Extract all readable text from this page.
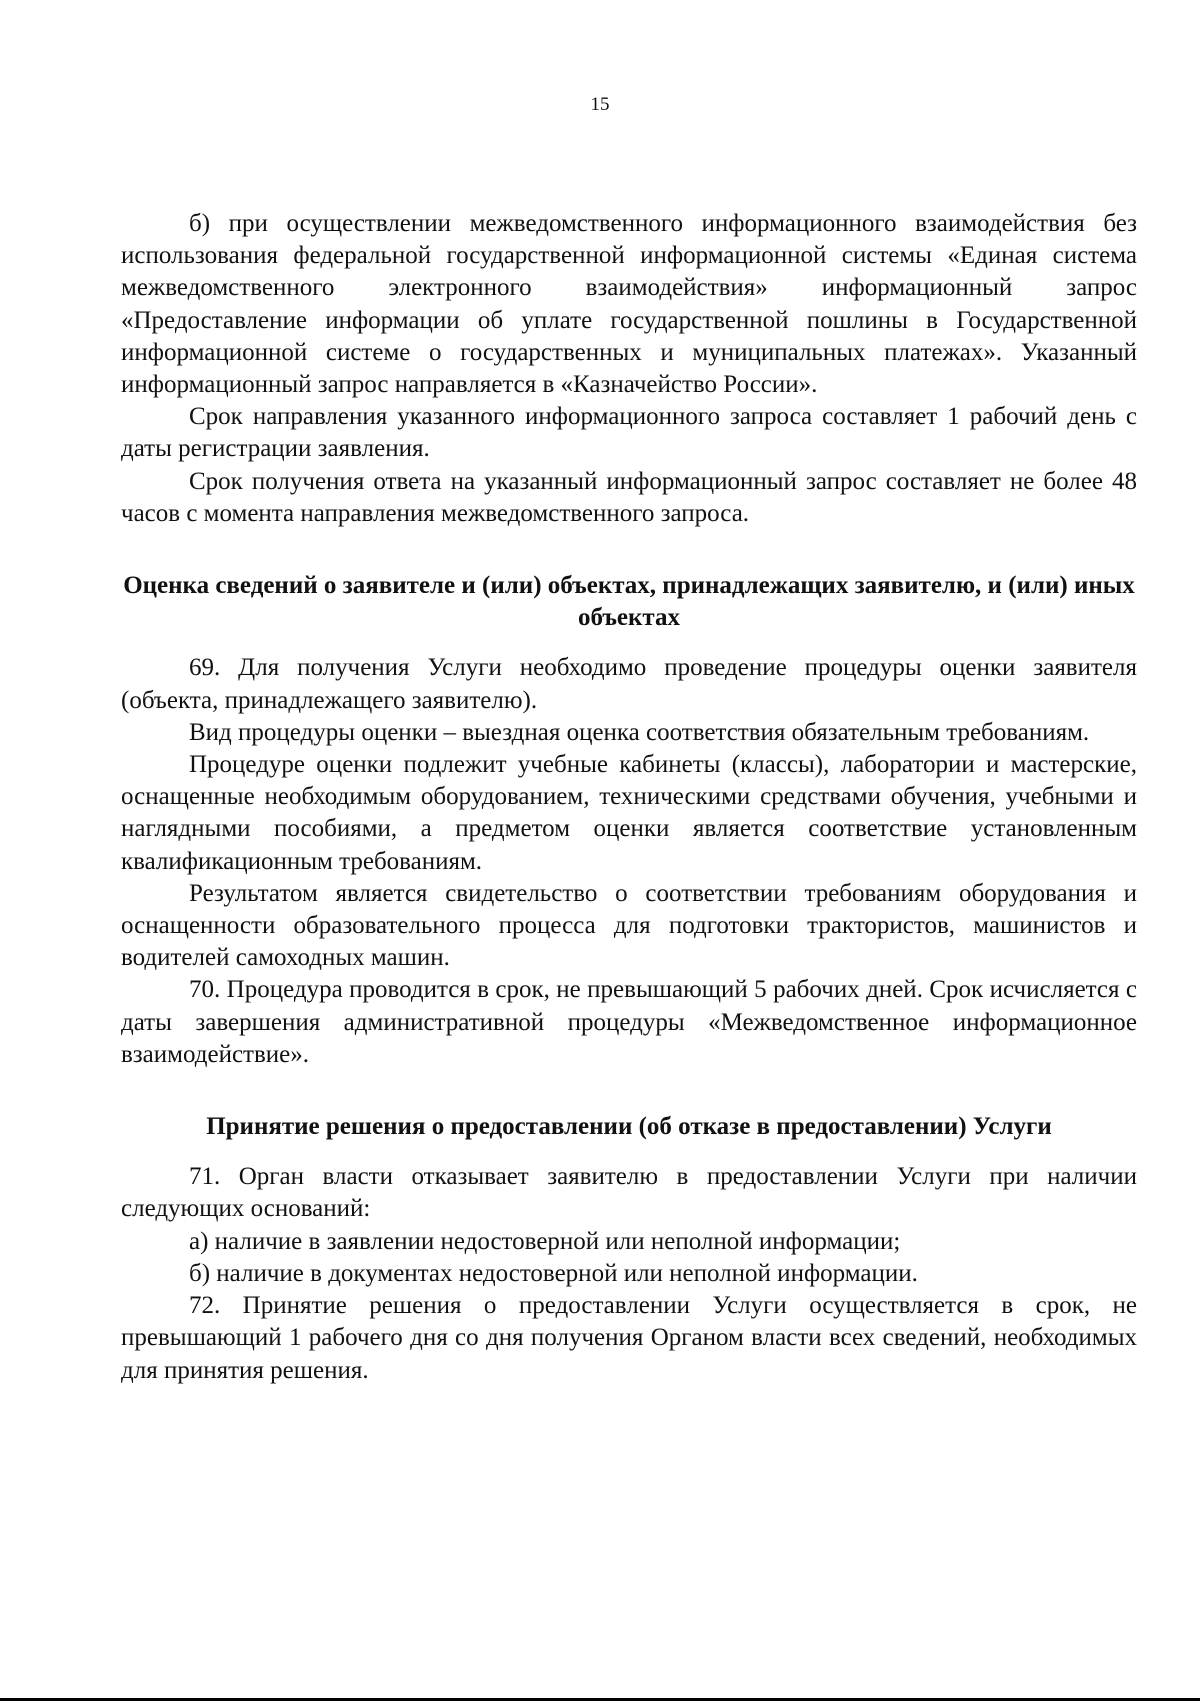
15

б) при осуществлении межведомственного информационного взаимодействия без использования федеральной государственной информационной системы «Единая система межведомственного электронного взаимодействия» информационный запрос «Предоставление информации об уплате государственной пошлины в Государственной информационной системе о государственных и муниципальных платежах». Указанный информационный запрос направляется в «Казначейство России».

Срок направления указанного информационного запроса составляет 1 рабочий день с даты регистрации заявления.

Срок получения ответа на указанный информационный запрос составляет не более 48 часов с момента направления межведомственного запроса.

Оценка сведений о заявителе и (или) объектах, принадлежащих заявителю, и (или) иных объектах

69. Для получения Услуги необходимо проведение процедуры оценки заявителя (объекта, принадлежащего заявителю).

Вид процедуры оценки – выездная оценка соответствия обязательным требованиям.

Процедуре оценки подлежит учебные кабинеты (классы), лаборатории и мастерские, оснащенные необходимым оборудованием, техническими средствами обучения, учебными и наглядными пособиями, а предметом оценки является соответствие установленным квалификационным требованиям.

Результатом является свидетельство о соответствии требованиям оборудования и оснащенности образовательного процесса для подготовки трактористов, машинистов и водителей самоходных машин.

70. Процедура проводится в срок, не превышающий 5 рабочих дней. Срок исчисляется с даты завершения административной процедуры «Межведомственное информационное взаимодействие».

Принятие решения о предоставлении (об отказе в предоставлении) Услуги

71. Орган власти отказывает заявителю в предоставлении Услуги при наличии следующих оснований:

а) наличие в заявлении недостоверной или неполной информации;

б) наличие в документах недостоверной или неполной информации.

72. Принятие решения о предоставлении Услуги осуществляется в срок, не превышающий 1 рабочего дня со дня получения Органом власти всех сведений, необходимых для принятия решения.
